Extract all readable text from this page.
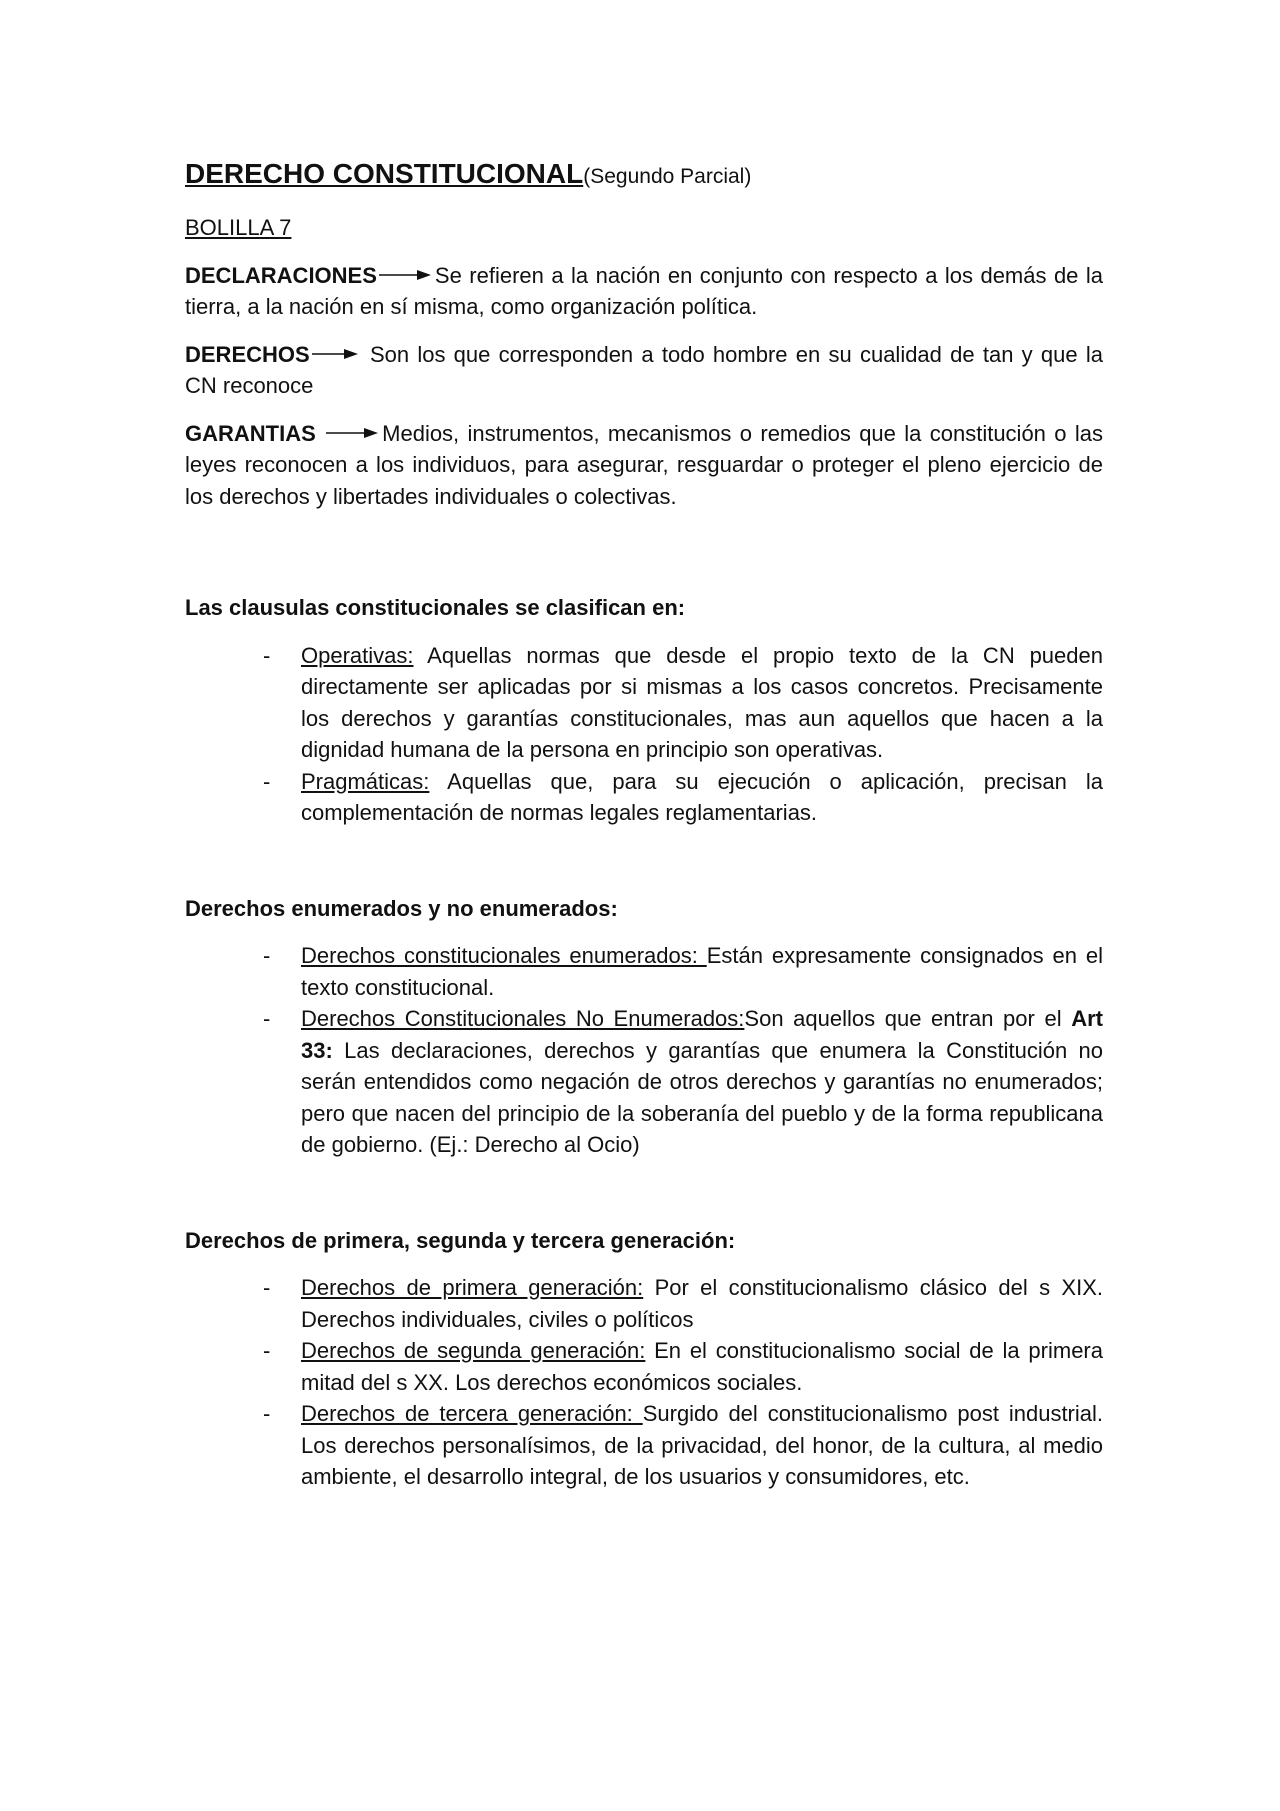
DERECHO CONSTITUCIONAL(Segundo Parcial)
BOLILLA 7

DECLARACIONES	Se refieren a la nación en conjunto con respecto a los demás de la tierra, a la nación en sí misma, como organización política.

DERECHOS	Son los que corresponden a todo hombre en su cualidad de tan y que la CN reconoce

GARANTIAS	Medios, instrumentos, mecanismos o remedios que la constitución o las leyes reconocen a los individuos, para asegurar, resguardar o proteger el pleno ejercicio de los derechos y libertades individuales o colectivas.

Las clausulas constitucionales se clasifican en:
- Operativas: Aquellas normas que desde el propio texto de la CN pueden directamente ser aplicadas por si mismas a los casos concretos. Precisamente los derechos y garantías constitucionales, mas aun aquellos que hacen a la dignidad humana de la persona en principio son operativas.
- Pragmáticas: Aquellas que, para su ejecución o aplicación, precisan la complementación de normas legales reglamentarias.
Derechos enumerados y no enumerados:
- Derechos constitucionales enumerados: Están expresamente consignados en el texto constitucional.
- Derechos Constitucionales No Enumerados:Son aquellos que entran por el Art 33: Las declaraciones, derechos y garantías que enumera la Constitución no serán entendidos como negación de otros derechos y garantías no enumerados; pero que nacen del principio de la soberanía del pueblo y de la forma republicana de gobierno. (Ej.: Derecho al Ocio)
Derechos de primera, segunda y tercera generación:
- Derechos de primera generación: Por el constitucionalismo clásico del s XIX. Derechos individuales, civiles o políticos
- Derechos de segunda generación: En el constitucionalismo social de la primera mitad del s XX. Los derechos económicos sociales.
- Derechos de tercera generación: Surgido del constitucionalismo post industrial. Los derechos personalísimos, de la privacidad, del honor, de la cultura, al medio ambiente, el desarrollo integral, de los usuarios y consumidores, etc.
